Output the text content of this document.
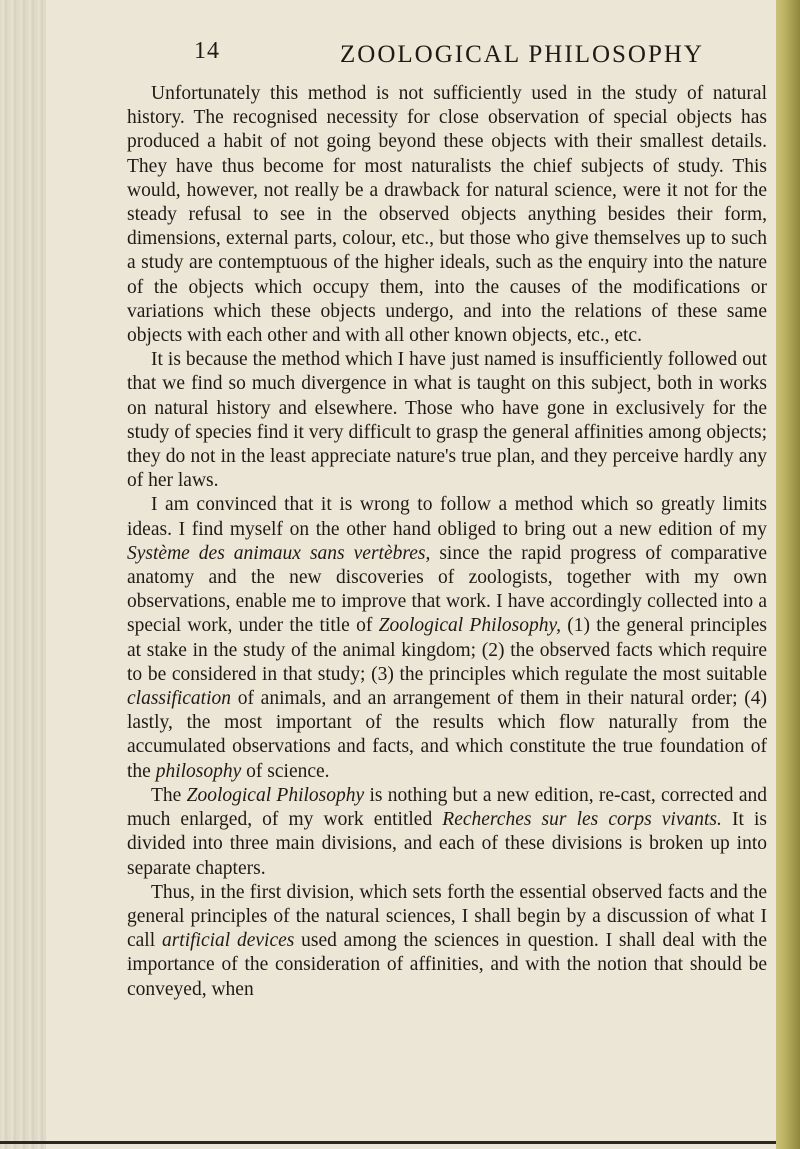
14	ZOOLOGICAL PHILOSOPHY

Unfortunately this method is not sufficiently used in the study of natural history. The recognised necessity for close observation of special objects has produced a habit of not going beyond these objects with their smallest details. They have thus become for most naturalists the chief subjects of study. This would, however, not really be a drawback for natural science, were it not for the steady refusal to see in the observed objects anything besides their form, dimensions, external parts, colour, etc., but those who give themselves up to such a study are contemptuous of the higher ideals, such as the enquiry into the nature of the objects which occupy them, into the causes of the modifications or variations which these objects undergo, and into the relations of these same objects with each other and with all other known objects, etc., etc.

It is because the method which I have just named is insufficiently followed out that we find so much divergence in what is taught on this subject, both in works on natural history and elsewhere. Those who have gone in exclusively for the study of species find it very difficult to grasp the general affinities among objects; they do not in the least appreciate nature's true plan, and they perceive hardly any of her laws.

I am convinced that it is wrong to follow a method which so greatly limits ideas. I find myself on the other hand obliged to bring out a new edition of my Système des animaux sans vertèbres, since the rapid progress of comparative anatomy and the new discoveries of zoologists, together with my own observations, enable me to improve that work. I have accordingly collected into a special work, under the title of Zoological Philosophy, (1) the general principles at stake in the study of the animal kingdom; (2) the observed facts which require to be considered in that study; (3) the principles which regulate the most suitable classification of animals, and an arrangement of them in their natural order; (4) lastly, the most important of the results which flow naturally from the accumulated observations and facts, and which constitute the true foundation of the philosophy of science.

The Zoological Philosophy is nothing but a new edition, re-cast, corrected and much enlarged, of my work entitled Recherches sur les corps vivants. It is divided into three main divisions, and each of these divisions is broken up into separate chapters.

Thus, in the first division, which sets forth the essential observed facts and the general principles of the natural sciences, I shall begin by a discussion of what I call artificial devices used among the sciences in question. I shall deal with the importance of the consideration of affinities, and with the notion that should be conveyed, when
